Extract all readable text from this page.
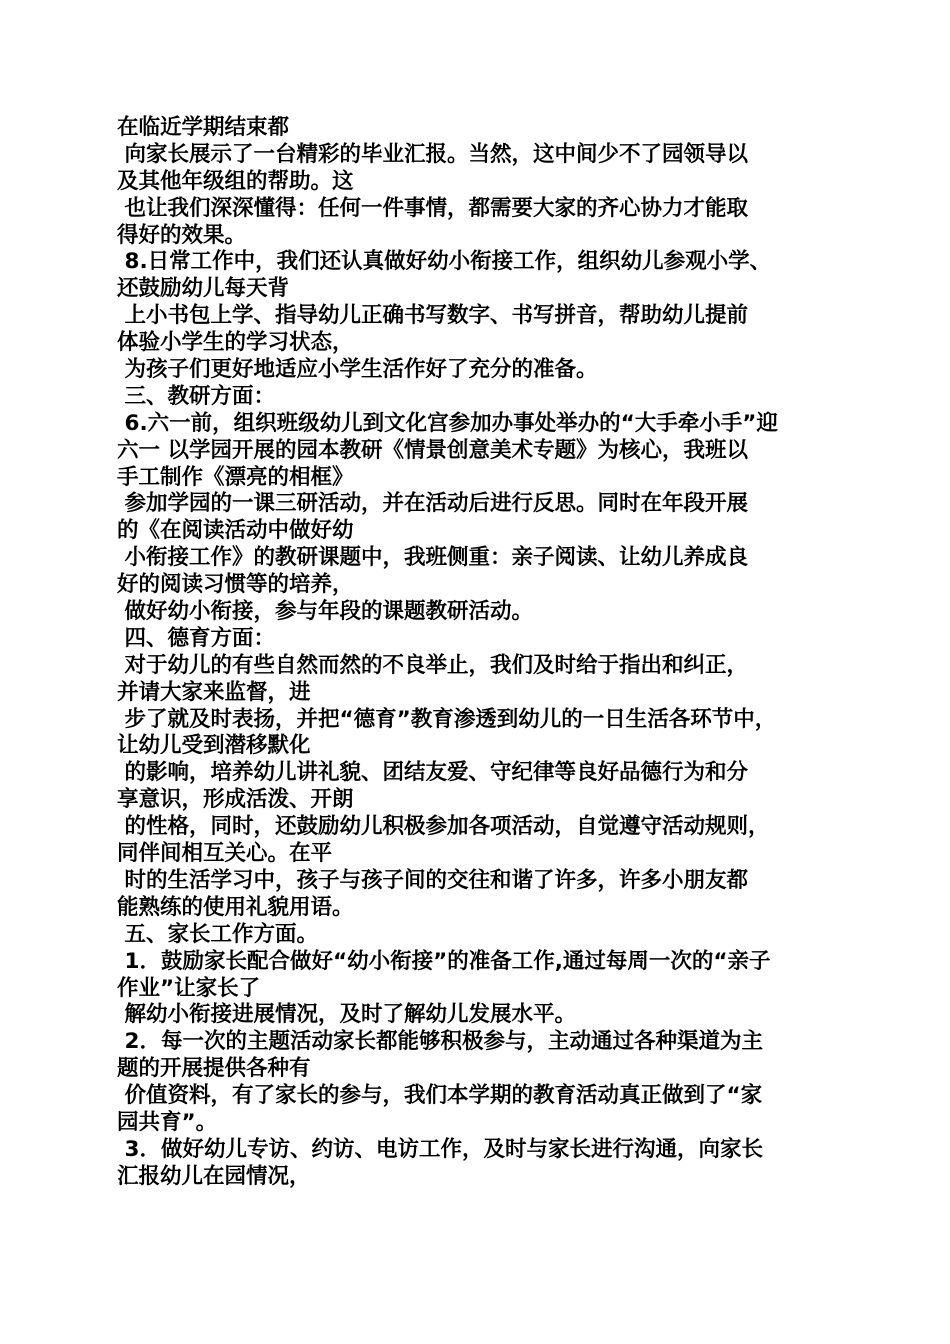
在临近学期结束都

向家长展示了一台精彩的毕业汇报。当然，这中间少不了园领导以

及其他年级组的帮助。这

也让我们深深懂得：任何一件事情，都需要大家的齐心协力才能取

得好的效果。

8.日常工作中，我们还认真做好幼小衔接工作，组织幼儿参观小学、

还鼓励幼儿每天背

上小书包上学、指导幼儿正确书写数字、书写拼音，帮助幼儿提前

体验小学生的学习状态，

为孩子们更好地适应小学生活作好了充分的准备。

三、教研方面：

6.六一前，组织班级幼儿到文化宫参加办事处举办的“大手牵小手”迎

六一 以学园开展的园本教研《情景创意美术专题》为核心，我班以

手工制作《漂亮的相框》

参加学园的一课三研活动，并在活动后进行反思。同时在年段开展

的《在阅读活动中做好幼

小衔接工作》的教研课题中，我班侧重：亲子阅读、让幼儿养成良

好的阅读习惯等的培养，

做好幼小衔接，参与年段的课题教研活动。

四、德育方面：

对于幼儿的有些自然而然的不良举止，我们及时给于指出和纠正，

并请大家来监督，进

步了就及时表扬，并把“德育”教育渗透到幼儿的一日生活各环节中，

让幼儿受到潜移默化

的影响，培养幼儿讲礼貌、团结友爱、守纪律等良好品德行为和分

享意识，形成活泼、开朗

的性格，同时，还鼓励幼儿积极参加各项活动，自觉遵守活动规则，

同伴间相互关心。在平

时的生活学习中，孩子与孩子间的交往和谐了许多，许多小朋友都

能熟练的使用礼貌用语。

五、家长工作方面。

1．鼓励家长配合做好“幼小衔接”的准备工作,通过每周一次的“亲子

作业”让家长了

解幼小衔接进展情况，及时了解幼儿发展水平。

2．每一次的主题活动家长都能够积极参与，主动通过各种渠道为主

题的开展提供各种有

价值资料，有了家长的参与，我们本学期的教育活动真正做到了“家

园共育”。

3．做好幼儿专访、约访、电访工作，及时与家长进行沟通，向家长

汇报幼儿在园情况，
